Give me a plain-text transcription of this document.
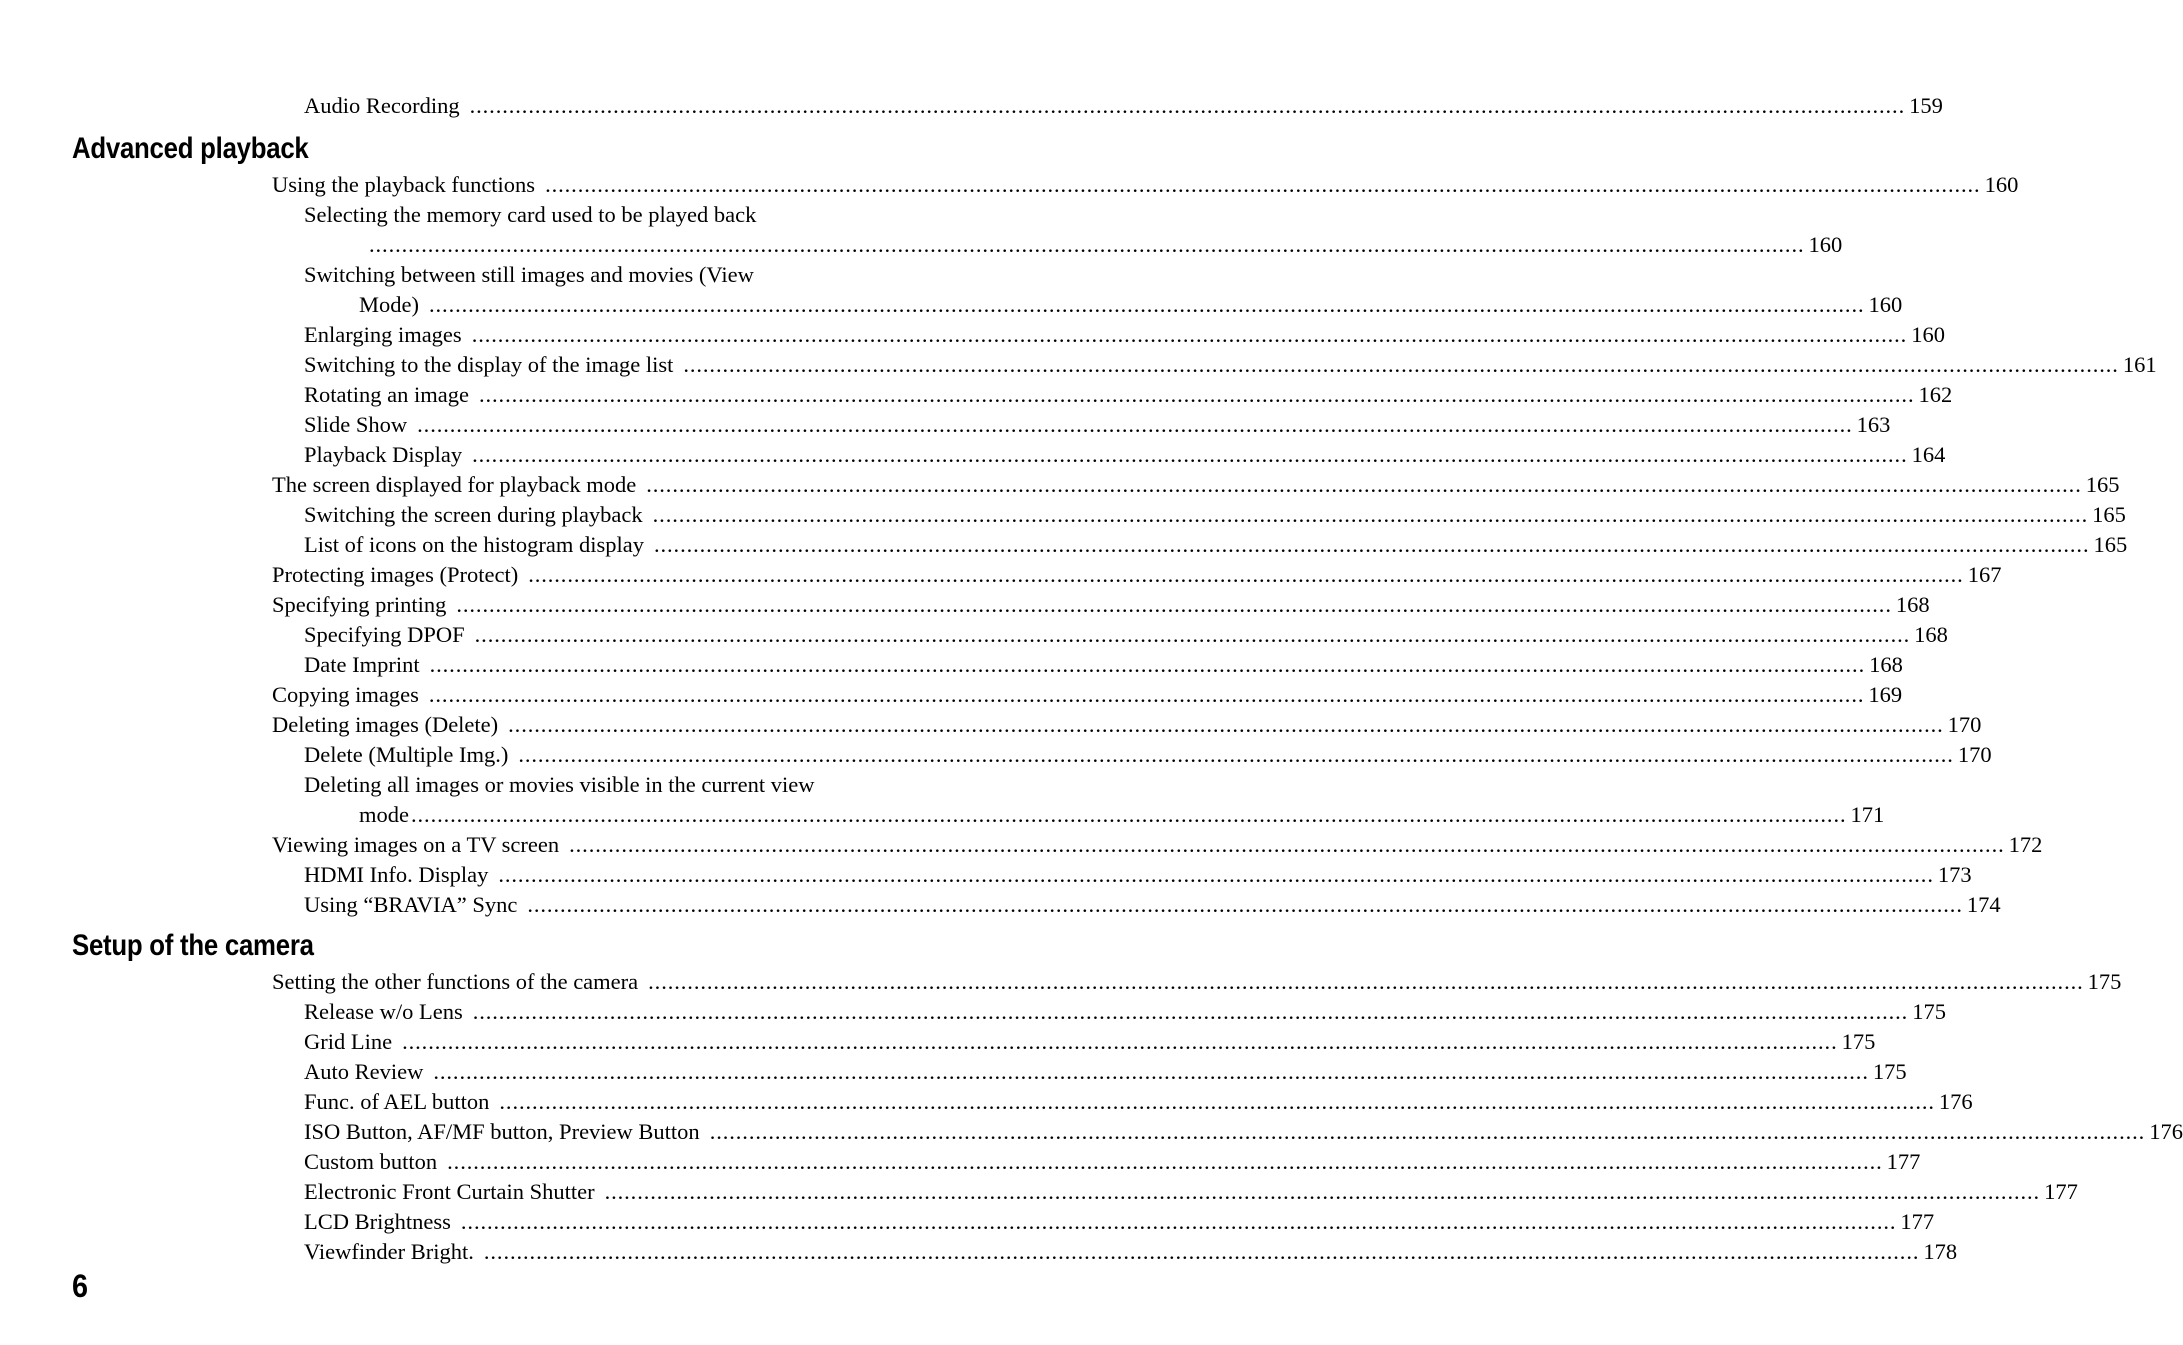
Audio Recording ............................................................................................................................................................................................................................ 159
Advanced playback
Using the playback functions ............................................................................................................................................................................................................................ 160
Selecting the memory card used to be played back
............................................................................................................................................................................................................................ 160
Switching between still images and movies (View
Mode) ............................................................................................................................................................................................................................ 160
Enlarging images ............................................................................................................................................................................................................................ 160
Switching to the display of the image list ............................................................................................................................................................................................................................ 161
Rotating an image ............................................................................................................................................................................................................................ 162
Slide Show ............................................................................................................................................................................................................................ 163
Playback Display ............................................................................................................................................................................................................................ 164
The screen displayed for playback mode ............................................................................................................................................................................................................................ 165
Switching the screen during playback ............................................................................................................................................................................................................................ 165
List of icons on the histogram display ............................................................................................................................................................................................................................ 165
Protecting images (Protect) ............................................................................................................................................................................................................................ 167
Specifying printing ............................................................................................................................................................................................................................ 168
Specifying DPOF ............................................................................................................................................................................................................................ 168
Date Imprint ............................................................................................................................................................................................................................ 168
Copying images ............................................................................................................................................................................................................................ 169
Deleting images (Delete) ............................................................................................................................................................................................................................ 170
Delete (Multiple Img.) ............................................................................................................................................................................................................................ 170
Deleting all images or movies visible in the current view
mode ............................................................................................................................................................................................................................ 171
Viewing images on a TV screen ............................................................................................................................................................................................................................ 172
HDMI Info. Display ............................................................................................................................................................................................................................ 173
Using “BRAVIA” Sync ............................................................................................................................................................................................................................ 174
Setup of the camera
Setting the other functions of the camera ............................................................................................................................................................................................................................ 175
Release w/o Lens ............................................................................................................................................................................................................................ 175
Grid Line ............................................................................................................................................................................................................................ 175
Auto Review ............................................................................................................................................................................................................................ 175
Func. of AEL button ............................................................................................................................................................................................................................ 176
ISO Button, AF/MF button, Preview Button ............................................................................................................................................................................................................................ 176
Custom button ............................................................................................................................................................................................................................ 177
Electronic Front Curtain Shutter ............................................................................................................................................................................................................................ 177
LCD Brightness ............................................................................................................................................................................................................................ 177
Viewfinder Bright. ............................................................................................................................................................................................................................ 178
6
